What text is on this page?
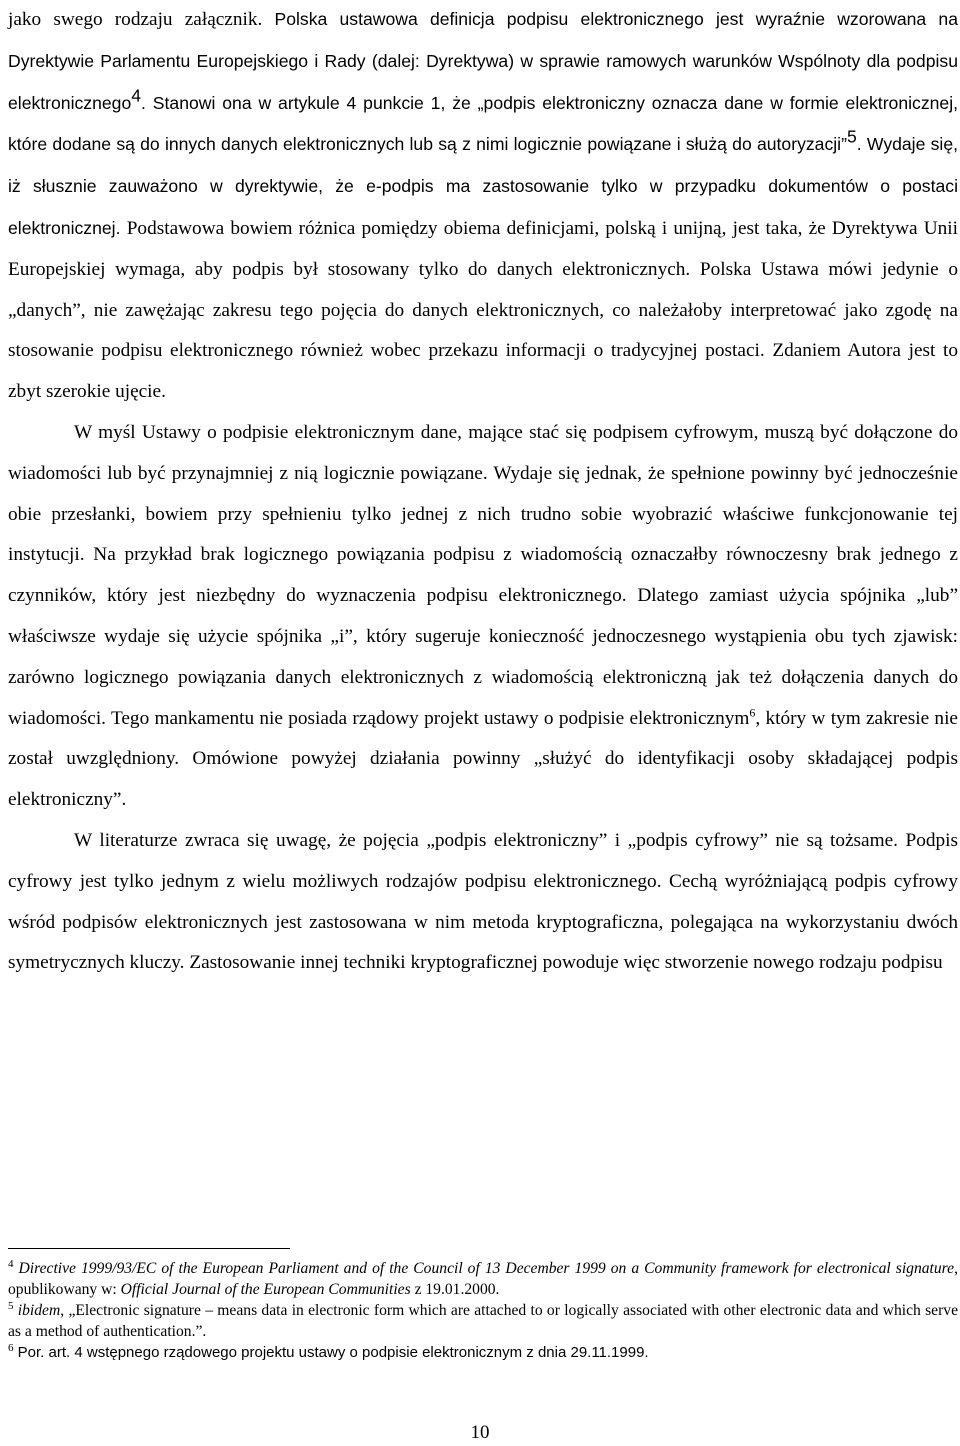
jako swego rodzaju załącznik. Polska ustawowa definicja podpisu elektronicznego jest wyraźnie wzorowana na Dyrektywie Parlamentu Europejskiego i Rady (dalej: Dyrektywa) w sprawie ramowych warunków Wspólnoty dla podpisu elektronicznego$^4$. Stanowi ona w artykule 4 punkcie 1, że „podpis elektroniczny oznacza dane w formie elektronicznej, które dodane są do innych danych elektronicznych lub są z nimi logicznie powiązane i służą do autoryzacji”$^5$. Wydaje się, iż słusznie zauważono w dyrektywie, że e-podpis ma zastosowanie tylko w przypadku dokumentów o postaci elektronicznej. Podstawowa bowiem różnica pomiędzy obiema definicjami, polską i unijną, jest taka, że Dyrektywa Unii Europejskiej wymaga, aby podpis był stosowany tylko do danych elektronicznych. Polska Ustawa mówi jedynie o „danych”, nie zawężając zakresu tego pojęcia do danych elektronicznych, co należałoby interpretować jako zgodę na stosowanie podpisu elektronicznego również wobec przekazu informacji o tradycyjnej postaci. Zdaniem Autora jest to zbyt szerokie ujęcie.

W myśl Ustawy o podpisie elektronicznym dane, mające stać się podpisem cyfrowym, muszą być dołączone do wiadomości lub być przynajmniej z nią logicznie powiązane. Wydaje się jednak, że spełnione powinny być jednocześnie obie przesłanki, bowiem przy spełnieniu tylko jednej z nich trudno sobie wyobrazić właściwe funkcjonowanie tej instytucji. Na przykład brak logicznego powiązania podpisu z wiadomością oznaczałby równoczesny brak jednego z czynników, który jest niezbędny do wyznaczenia podpisu elektronicznego. Dlatego zamiast użycia spójnika „lub” właściwsze wydaje się użycie spójnika „i”, który sugeruje konieczność jednoczesnego wystąpienia obu tych zjawisk: zarówno logicznego powiązania danych elektronicznych z wiadomością elektroniczną jak też dołączenia danych do wiadomości. Tego mankamentu nie posiada rządowy projekt ustawy o podpisie elektronicznym$^6$, który w tym zakresie nie został uwzględniony. Omówione powyżej działania powinny „służyć do identyfikacji osoby składającej podpis elektroniczny”.

W literaturze zwraca się uwagę, że pojęcia „podpis elektroniczny” i „podpis cyfrowy” nie są tożsame. Podpis cyfrowy jest tylko jednym z wielu możliwych rodzajów podpisu elektronicznego. Cechą wyróżniającą podpis cyfrowy wśród podpisów elektronicznych jest zastosowana w nim metoda kryptograficzna, polegająca na wykorzystaniu dwóch symetrycznych kluczy. Zastosowanie innej techniki kryptograficznej powoduje więc stworzenie nowego rodzaju podpisu

$^4$ Directive 1999/93/EC of the European Parliament and of the Council of 13 December 1999 on a Community framework for electronical signature, opublikowany w: Official Journal of the European Communities z 19.01.2000.

$^5$ ibidem, „Electronic signature – means data in electronic form which are attached to or logically associated with other electronic data and which serve as a method of authentication.”.

$^6$ Por. art. 4 wstępnego rządowego projektu ustawy o podpisie elektronicznym z dnia 29.11.1999.

10
